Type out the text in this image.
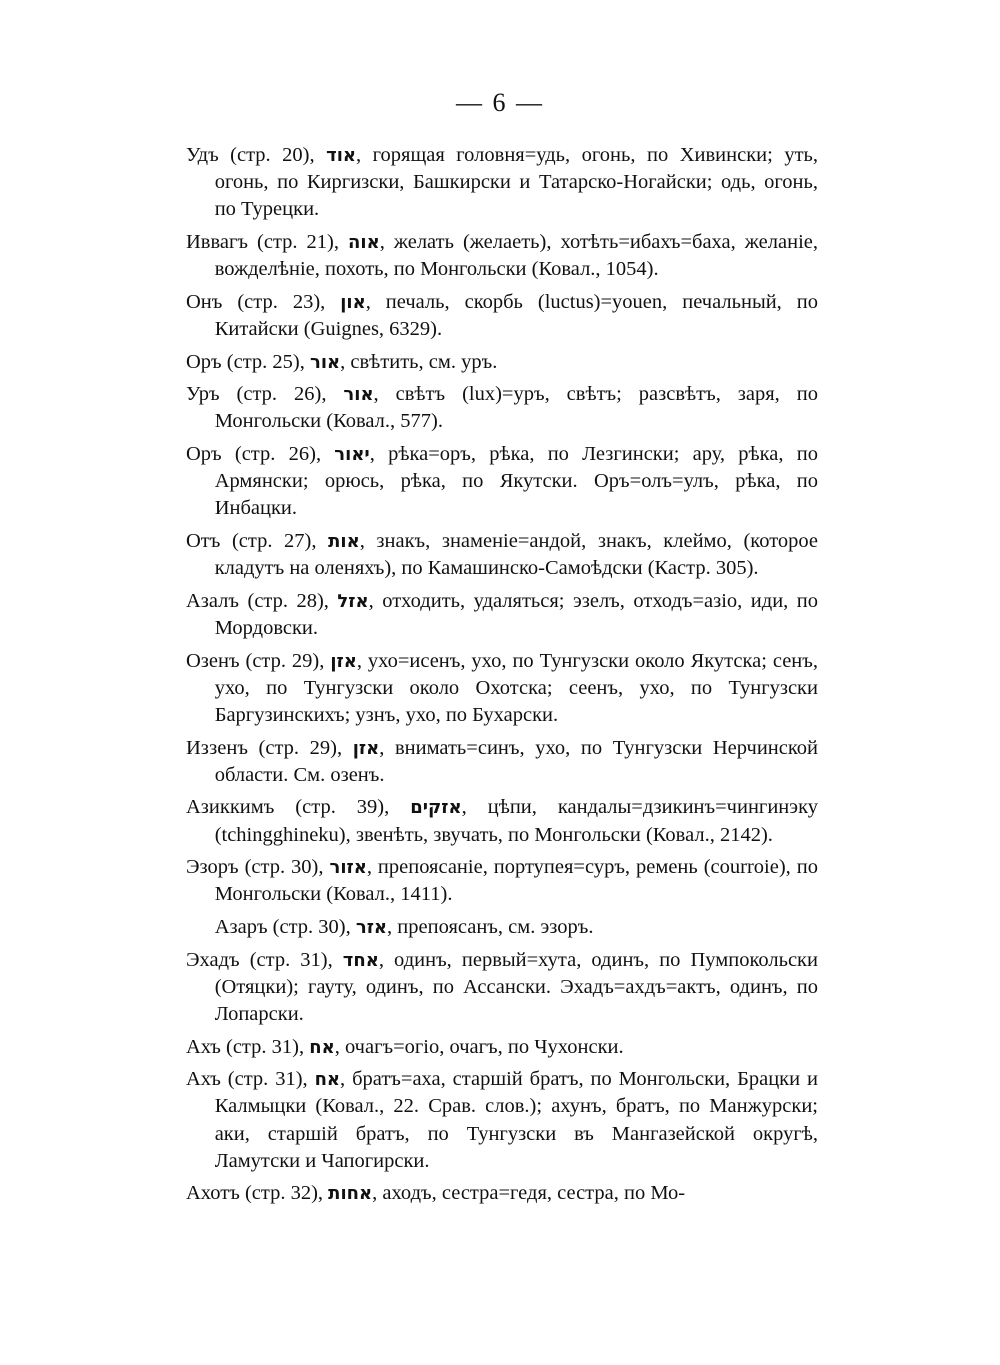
— 6 —

Удъ (стр. 20), אוד, горящая головня=удь, огонь, по Хивински; уть, огонь, по Киргизски, Башкирски и Татарско-Ногайски; одь, огонь, по Турецки.

Иввагъ (стр. 21), אוה, желать (желаеть), хотѣть=ибахъ=баха, желаніе, вожделѣніе, похоть, по Монгольски (Ковал., 1054).

Онъ (стр. 23), און, печаль, скорбь (luctus)=youen, печальный, по Китайски (Guignes, 6329).

Оръ (стр. 25), אור, свѣтить, см. уръ.

Уръ (стр. 26), אור, свѣтъ (lux)=уръ, свѣтъ; разсвѣтъ, заря, по Монгольски (Ковал., 577).

Оръ (стр. 26), יאור, рѣка=оръ, рѣка, по Лезгински; ару, рѣка, по Армянски; орюсь, рѣка, по Якутски. Оръ=олъ=улъ, рѣка, по Инбацки.

Отъ (стр. 27), אות, знакъ, знаменіе=андой, знакъ, клеймо, (которое кладутъ на оленяхъ), по Камашинско-Самоѣдски (Кастр. 305).

Азалъ (стр. 28), אזל, отходить, удаляться; эзелъ, отходъ=азіо, иди, по Мордовски.

Озенъ (стр. 29), אזן, ухо=исенъ, ухо, по Тунгузски около Якутска; сенъ, ухо, по Тунгузски около Охотска; сеенъ, ухо, по Тунгузски Баргузинскихъ; узнъ, ухо, по Бухарски.

Иззенъ (стр. 29), אזן, внимать=синъ, ухо, по Тунгузски Нерчинской области. См. озенъ.

Азиккимъ (стр. 39), אזקים, цѣпи, кандалы=дзикинъ=чингинэку (tchingghineku), звенѣть, звучать, по Монгольски (Ковал., 2142).

Эзоръ (стр. 30), אזור, препоясаніе, портупея=суръ, ремень (courroie), по Монгольски (Ковал., 1411).

Азаръ (стр. 30), אזר, препоясанъ, см. эзоръ.

Эхадъ (стр. 31), אחד, одинъ, первый=хута, одинъ, по Пумпокольски (Отяцки); гауту, одинъ, по Ассански. Эхадъ=ахдъ=актъ, одинъ, по Лопарски.

Ахъ (стр. 31), אח, очагъ=огіо, очагъ, по Чухонски.

Ахъ (стр. 31), אח, братъ=аха, старшій братъ, по Монгольски, Брацки и Калмыцки (Ковал., 22. Срав. слов.); ахунъ, братъ, по Манжурски; аки, старшій братъ, по Тунгузски въ Мангазейской округѣ, Ламутски и Чапогирски.

Ахотъ (стр. 32), אחות, аходъ, сестра=гедя, сестра, по Мо-
